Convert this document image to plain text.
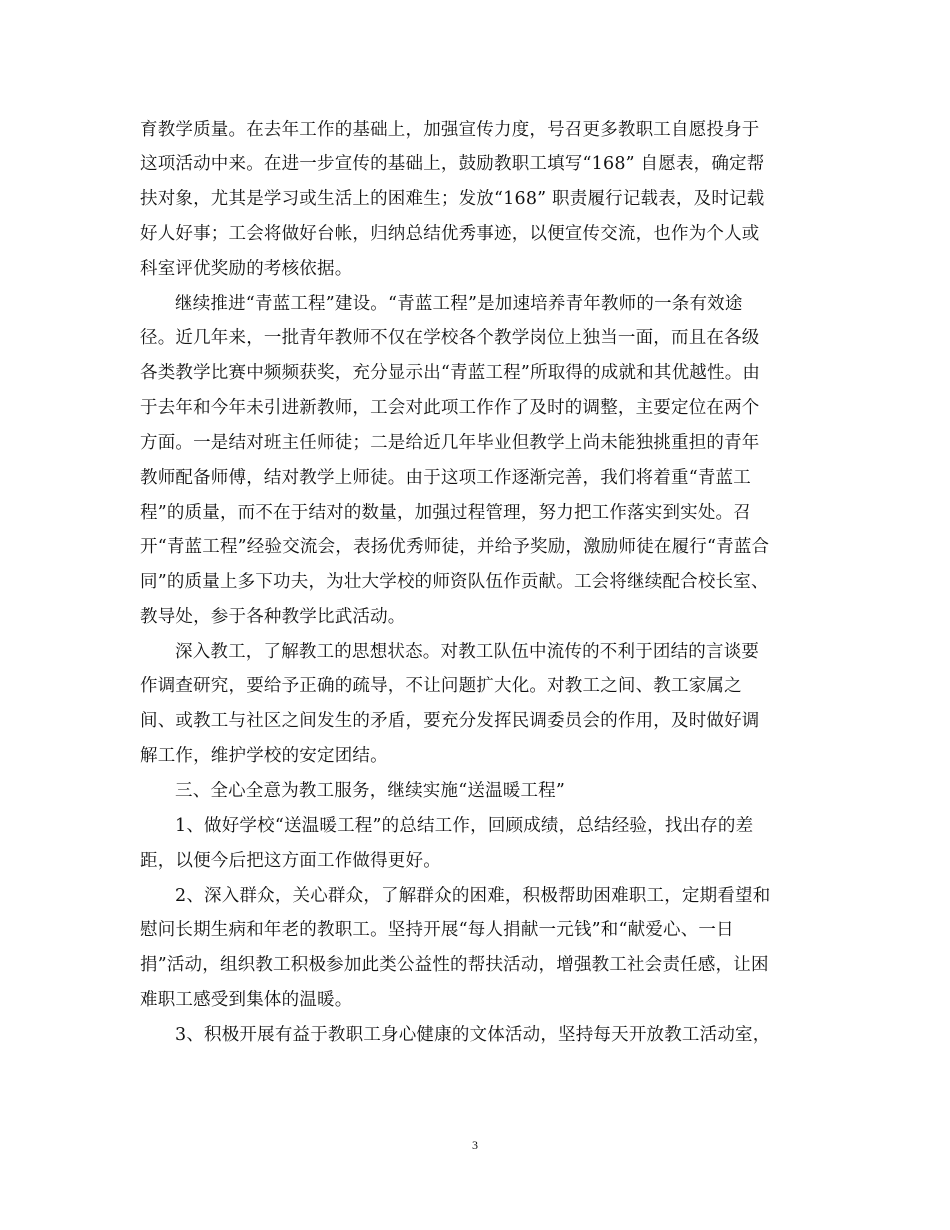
育教学质量。在去年工作的基础上，加强宣传力度，号召更多教职工自愿投身于
这项活动中来。在进一步宣传的基础上，鼓励教职工填写“168” 自愿表，确定帮
扶对象，尤其是学习或生活上的困难生；发放“168” 职责履行记载表，及时记载
好人好事；工会将做好台帐，归纳总结优秀事迹，以便宣传交流，也作为个人或
科室评优奖励的考核依据。
继续推进“青蓝工程”建设。“青蓝工程”是加速培养青年教师的一条有效途
径。近几年来，一批青年教师不仅在学校各个教学岗位上独当一面，而且在各级
各类教学比赛中频频获奖，充分显示出“青蓝工程”所取得的成就和其优越性。由
于去年和今年未引进新教师，工会对此项工作作了及时的调整，主要定位在两个
方面。一是结对班主任师徒；二是给近几年毕业但教学上尚未能独挑重担的青年
教师配备师傅，结对教学上师徒。由于这项工作逐渐完善，我们将着重“青蓝工
程”的质量，而不在于结对的数量，加强过程管理，努力把工作落实到实处。召
开“青蓝工程”经验交流会，表扬优秀师徒，并给予奖励，激励师徒在履行“青蓝合
同”的质量上多下功夫，为壮大学校的师资队伍作贡献。工会将继续配合校长室、
教导处，参于各种教学比武活动。
深入教工，了解教工的思想状态。对教工队伍中流传的不利于团结的言谈要
作调查研究，要给予正确的疏导，不让问题扩大化。对教工之间、教工家属之
间、或教工与社区之间发生的矛盾，要充分发挥民调委员会的作用，及时做好调
解工作，维护学校的安定团结。
三、全心全意为教工服务，继续实施“送温暖工程”
1、做好学校“送温暖工程”的总结工作，回顾成绩，总结经验，找出存的差
距，以便今后把这方面工作做得更好。
2、深入群众，关心群众，了解群众的困难，积极帮助困难职工，定期看望和
慰问长期生病和年老的教职工。坚持开展“每人捐献一元钱”和“献爱心、一日
捐”活动，组织教工积极参加此类公益性的帮扶活动，增强教工社会责任感，让困
难职工感受到集体的温暖。
3、积极开展有益于教职工身心健康的文体活动，坚持每天开放教工活动室，
3
